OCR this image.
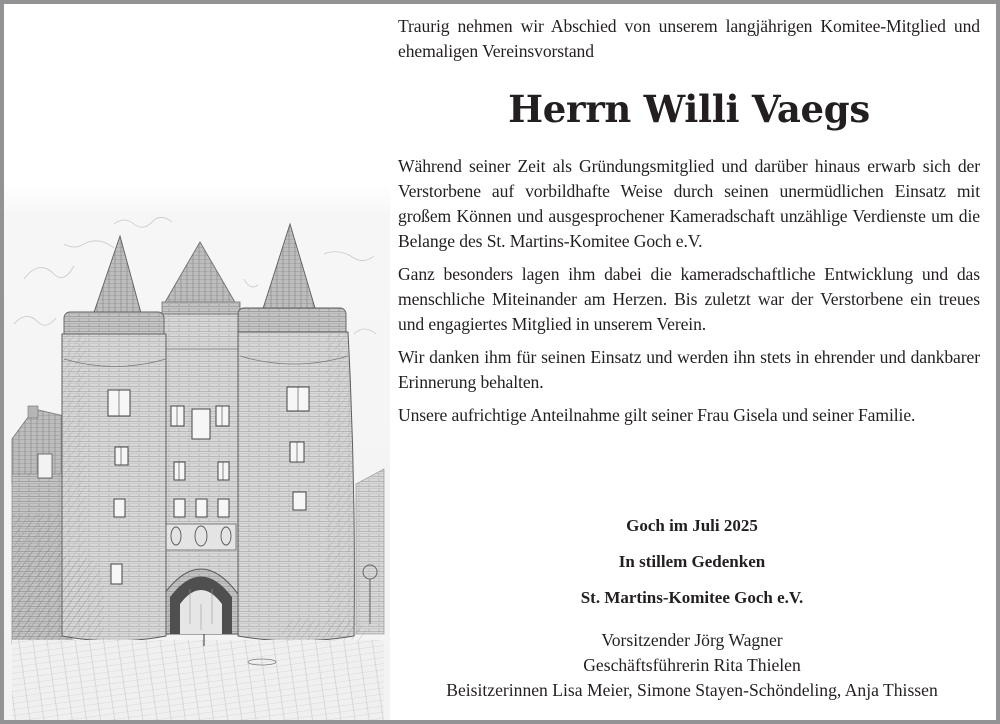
Traurig nehmen wir Abschied von unserem langjährigen Komitee-Mitglied und ehemaligen Vereinsvorstand

Herrn Willi Vaegs

Während seiner Zeit als Gründungsmitglied und darüber hinaus erwarb sich der Verstorbene auf vorbildhafte Weise durch seinen unermüdlichen Einsatz mit großem Können und ausgesprochener Kameradschaft unzählige Verdienste um die Belange des St. Martins-Komitee Goch e.V.

Ganz besonders lagen ihm dabei die kameradschaftliche Entwicklung und das menschliche Miteinander am Herzen. Bis zuletzt war der Verstorbene ein treues und engagiertes Mitglied in unserem Verein.

Wir danken ihm für seinen Einsatz und werden ihn stets in ehrender und dankbarer Erinnerung behalten.

Unsere aufrichtige Anteilnahme gilt seiner Frau Gisela und seiner Familie.

Goch im Juli 2025

In stillem Gedenken

St. Martins-Komitee Goch e.V.

Vorsitzender Jörg Wagner

Geschäftsführerin Rita Thielen

Beisitzerinnen Lisa Meier, Simone Stayen-Schöndeling, Anja Thissen
